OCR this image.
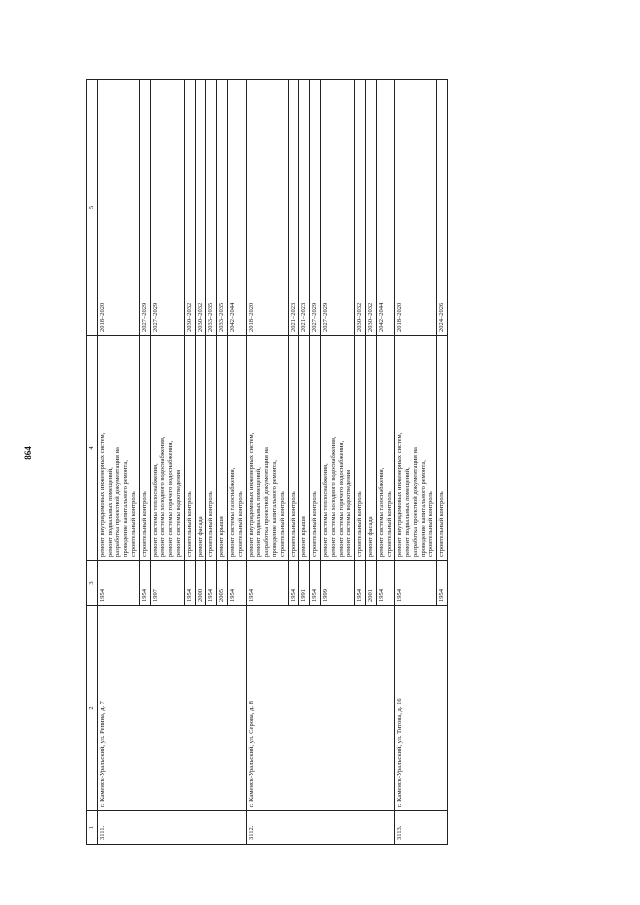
864
1	2	3	4	5
3111.	г. Каменск-Уральский, ул. Репина, д. 7	1954	ремонт внутридомовых инженерных систем, ремонт подвальных помещений, разработка проектной документации на проведение капитального ремонта, строительный контроль	2018–2020
		1954	строительный контроль	2027–2029
		1997	ремонт системы теплоснабжения, ремонт системы холодного водоснабжения, ремонт системы горячего водоснабжения, ремонт системы водоотведения	2027–2029
		1954	строительный контроль	2030–2032
		2000	ремонт фасада	2030–2032
		1954	строительный контроль	2033–2035
		2005	ремонт крыши	2033–2035
		1954	ремонт системы газоснабжения, строительный контроль	2042–2044
3112.	г. Каменск-Уральский, ул. Серова, д. 8	1954	ремонт внутридомовых инженерных систем, ремонт подвальных помещений, разработка проектной документации на проведение капитального ремонта, строительный контроль	2018–2020
		1954	строительный контроль	2021–2023
		1991	ремонт крыши	2021–2023
		1954	строительный контроль	2027–2029
		1999	ремонт системы теплоснабжения, ремонт системы холодного водоснабжения, ремонт системы горячего водоснабжения, ремонт системы водоотведения	2027–2029
		1954	строительный контроль	2030–2032
		2001	ремонт фасада	2030–2032
		1954	ремонт системы газоснабжения, строительный контроль	2042–2044
3113.	г. Каменск-Уральский, ул. Титова, д. 16	1954	ремонт внутридомовых инженерных систем, ремонт подвальных помещений, разработка проектной документации на проведение капитального ремонта, строительный контроль	2018–2020
		1954	строительный контроль	2024–2026
